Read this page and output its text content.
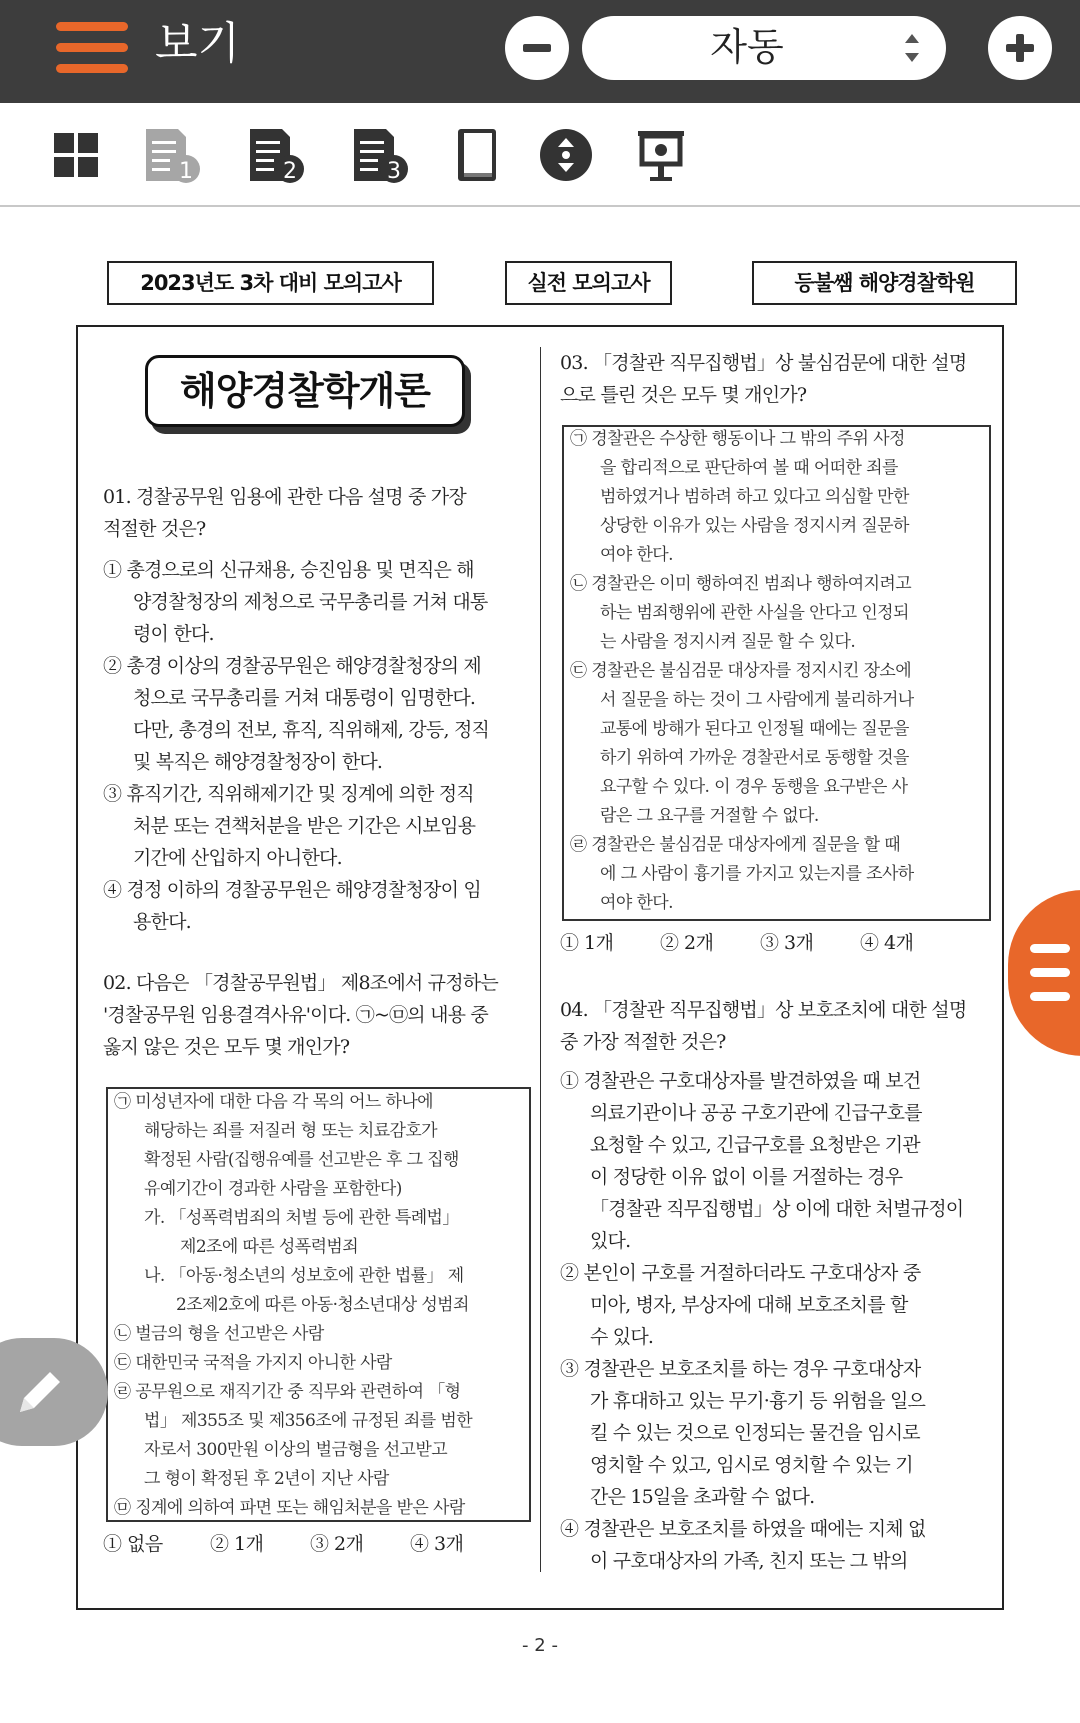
보기	자동
1	2	3
2023년도 3차 대비 모의고사	실전 모의고사	등불쌤 해양경찰학원
해양경찰학개론
01. 경찰공무원 임용에 관한 다음 설명 중 가장
적절한 것은?
① 총경으로의 신규채용, 승진임용 및 면직은 해
양경찰청장의 제청으로 국무총리를 거쳐 대통
령이 한다.
② 총경 이상의 경찰공무원은 해양경찰청장의 제
청으로 국무총리를 거쳐 대통령이 임명한다.
다만, 총경의 전보, 휴직, 직위해제, 강등, 정직
및 복직은 해양경찰청장이 한다.
③ 휴직기간, 직위해제기간 및 징계에 의한 정직
처분 또는 견책처분을 받은 기간은 시보임용
기간에 산입하지 아니한다.
④ 경정 이하의 경찰공무원은 해양경찰청장이 임
용한다.
02. 다음은 「경찰공무원법」 제8조에서 규정하는
'경찰공무원 임용결격사유'이다. ㉠~㉤의 내용 중
옳지 않은 것은 모두 몇 개인가?
㉠ 미성년자에 대한 다음 각 목의 어느 하나에
해당하는 죄를 저질러 형 또는 치료감호가
확정된 사람(집행유예를 선고받은 후 그 집행
유예기간이 경과한 사람을 포함한다)
가. 「성폭력범죄의 처벌 등에 관한 특례법」
제2조에 따른 성폭력범죄
나. 「아동·청소년의 성보호에 관한 법률」 제
2조제2호에 따른 아동·청소년대상 성범죄
㉡ 벌금의 형을 선고받은 사람
㉢ 대한민국 국적을 가지지 아니한 사람
㉣ 공무원으로 재직기간 중 직무와 관련하여 「형
법」 제355조 및 제356조에 규정된 죄를 범한
자로서 300만원 이상의 벌금형을 선고받고
그 형이 확정된 후 2년이 지난 사람
㉤ 징계에 의하여 파면 또는 해임처분을 받은 사람
① 없음 ② 1개 ③ 2개 ④ 3개
03. 「경찰관 직무집행법」상 불심검문에 대한 설명
으로 틀린 것은 모두 몇 개인가?
㉠ 경찰관은 수상한 행동이나 그 밖의 주위 사정
을 합리적으로 판단하여 볼 때 어떠한 죄를
범하였거나 범하려 하고 있다고 의심할 만한
상당한 이유가 있는 사람을 정지시켜 질문하
여야 한다.
㉡ 경찰관은 이미 행하여진 범죄나 행하여지려고
하는 범죄행위에 관한 사실을 안다고 인정되
는 사람을 정지시켜 질문 할 수 있다.
㉢ 경찰관은 불심검문 대상자를 정지시킨 장소에
서 질문을 하는 것이 그 사람에게 불리하거나
교통에 방해가 된다고 인정될 때에는 질문을
하기 위하여 가까운 경찰관서로 동행할 것을
요구할 수 있다. 이 경우 동행을 요구받은 사
람은 그 요구를 거절할 수 없다.
㉣ 경찰관은 불심검문 대상자에게 질문을 할 때
에 그 사람이 흉기를 가지고 있는지를 조사하
여야 한다.
① 1개 ② 2개 ③ 3개 ④ 4개
04. 「경찰관 직무집행법」상 보호조치에 대한 설명
중 가장 적절한 것은?
① 경찰관은 구호대상자를 발견하였을 때 보건
의료기관이나 공공 구호기관에 긴급구호를
요청할 수 있고, 긴급구호를 요청받은 기관
이 정당한 이유 없이 이를 거절하는 경우
「경찰관 직무집행법」상 이에 대한 처벌규정이
있다.
② 본인이 구호를 거절하더라도 구호대상자 중
미아, 병자, 부상자에 대해 보호조치를 할
수 있다.
③ 경찰관은 보호조치를 하는 경우 구호대상자
가 휴대하고 있는 무기·흉기 등 위험을 일으
킬 수 있는 것으로 인정되는 물건을 임시로
영치할 수 있고, 임시로 영치할 수 있는 기
간은 15일을 초과할 수 없다.
④ 경찰관은 보호조치를 하였을 때에는 지체 없
이 구호대상자의 가족, 친지 또는 그 밖의
- 2 -
